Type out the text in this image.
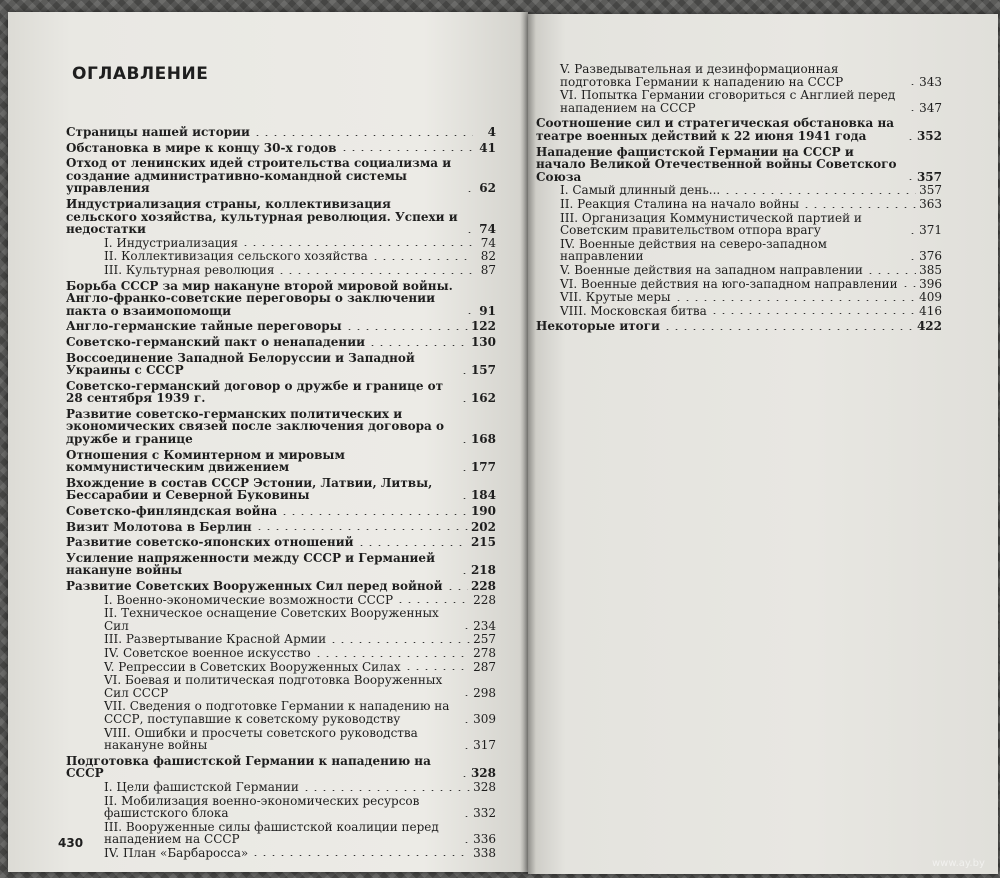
ОГЛАВЛЕНИЕ
Страницы нашей истории	4
Обстановка в мире к концу 30-х годов	41
Отход от ленинских идей строительства социализма и создание административно-командной системы управления	62
Индустриализация страны, коллективизация сельского хозяйства, культурная революция. Успехи и недостатки	74
I. Индустриализация	74
II. Коллективизация сельского хозяйства	82
III. Культурная революция	87
Борьба СССР за мир накануне второй мировой войны. Англо-франко-советские переговоры о заключении пакта о взаимопомощи	91
Англо-германские тайные переговоры	122
Советско-германский пакт о ненападении	130
Воссоединение Западной Белоруссии и Западной Украины с СССР	157
Советско-германский договор о дружбе и границе от 28 сентября 1939 г.	162
Развитие советско-германских политических и экономических связей после заключения договора о дружбе и границе	168
Отношения с Коминтерном и мировым коммунистическим движением	177
Вхождение в состав СССР Эстонии, Латвии, Литвы, Бессарабии и Северной Буковины	184
Советско-финляндская война	190
Визит Молотова в Берлин	202
Развитие советско-японских отношений	215
Усиление напряженности между СССР и Германией накануне войны	218
Развитие Советских Вооруженных Сил перед войной 228
I. Военно-экономические возможности СССР	228
II. Техническое оснащение Советских Вооруженных Сил	234
III. Развертывание Красной Армии	257
IV. Советское военное искусство	278
V. Репрессии в Советских Вооруженных Силах	287
VI. Боевая и политическая подготовка Вооруженных Сил СССР	298
VII. Сведения о подготовке Германии к нападению на СССР, поступавшие к советскому руководству	309
VIII. Ошибки и просчеты советского руководства накануне войны	317
Подготовка фашистской Германии к нападению на СССР	328
I. Цели фашистской Германии	328
II. Мобилизация военно-экономических ресурсов фашистского блока	332
III. Вооруженные силы фашистской коалиции перед нападением на СССР	336
IV. План «Барбаросса»	338
V. Разведывательная и дезинформационная подготовка Германии к нападению на СССР	343
VI. Попытка Германии сговориться с Англией перед нападением на СССР	347
Соотношение сил и стратегическая обстановка на театре военных действий к 22 июня 1941 года	352
Нападение фашистской Германии на СССР и начало Великой Отечественной войны Советского Союза	357
I. Самый длинный день...	357
II. Реакция Сталина на начало войны	363
III. Организация Коммунистической партией и Советским правительством отпора врагу	371
IV. Военные действия на северо-западном направлении	376
V. Военные действия на западном направлении	385
VI. Военные действия на юго-западном направлении 396
VII. Крутые меры	409
VIII. Московская битва	416
Некоторые итоги	422
430
www.ay.by
